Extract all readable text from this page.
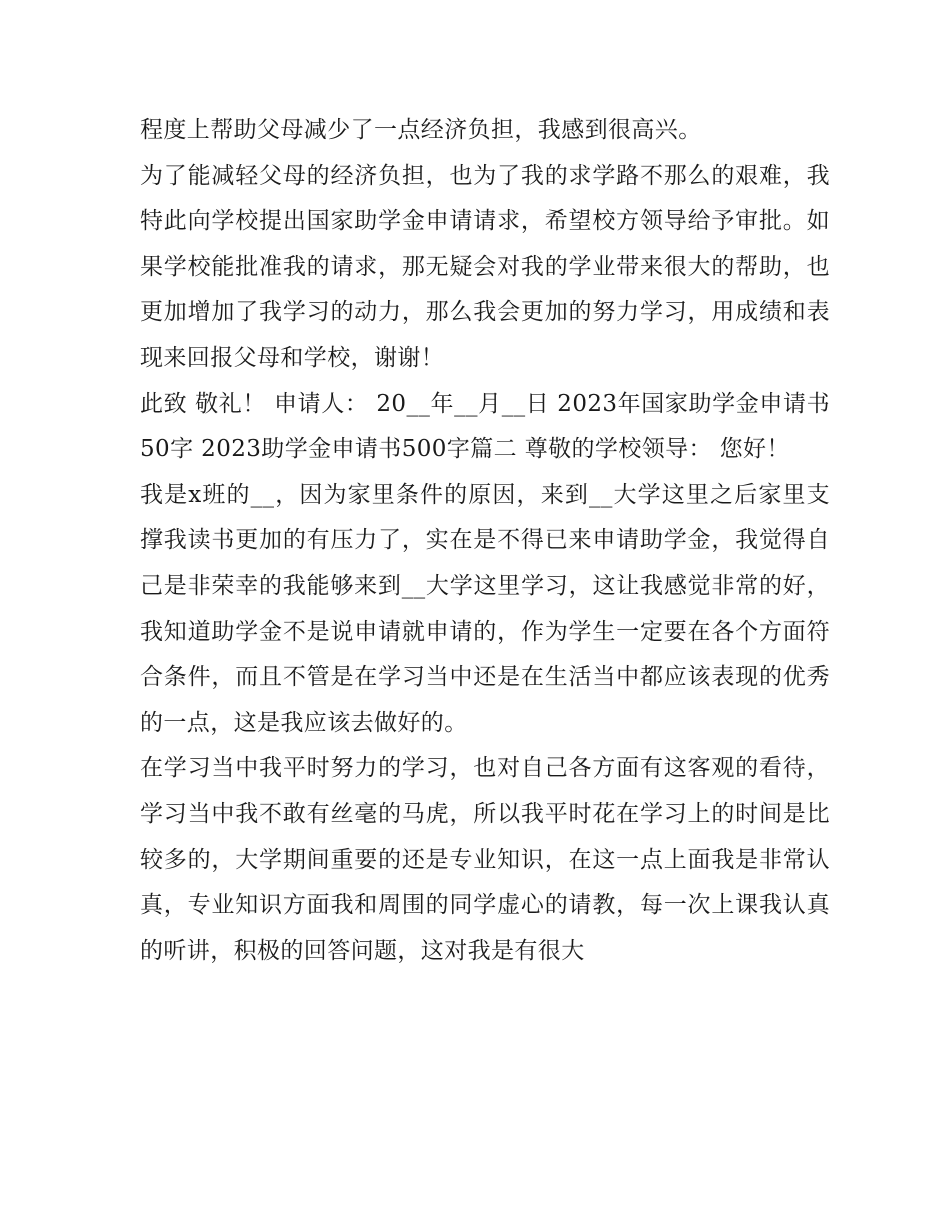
程度上帮助父母减少了一点经济负担，我感到很高兴。

为了能减轻父母的经济负担，也为了我的求学路不那么的艰难，我特此向学校提出国家助学金申请请求，希望校方领导给予审批。如果学校能批准我的请求，那无疑会对我的学业带来很大的帮助，也更加增加了我学习的动力，那么我会更加的努力学习，用成绩和表现来回报父母和学校，谢谢！

此致 敬礼！ 申请人： 20__年__月__日 2023年国家助学金申请书50字 2023助学金申请书500字篇二 尊敬的学校领导： 您好！

我是x班的__，因为家里条件的原因，来到__大学这里之后家里支撑我读书更加的有压力了，实在是不得已来申请助学金，我觉得自己是非荣幸的我能够来到__大学这里学习，这让我感觉非常的好，我知道助学金不是说申请就申请的，作为学生一定要在各个方面符合条件，而且不管是在学习当中还是在生活当中都应该表现的优秀的一点，这是我应该去做好的。

在学习当中我平时努力的学习，也对自己各方面有这客观的看待，学习当中我不敢有丝毫的马虎，所以我平时花在学习上的时间是比较多的，大学期间重要的还是专业知识，在这一点上面我是非常认真，专业知识方面我和周围的同学虚心的请教，每一次上课我认真的听讲，积极的回答问题，这对我是有很大
